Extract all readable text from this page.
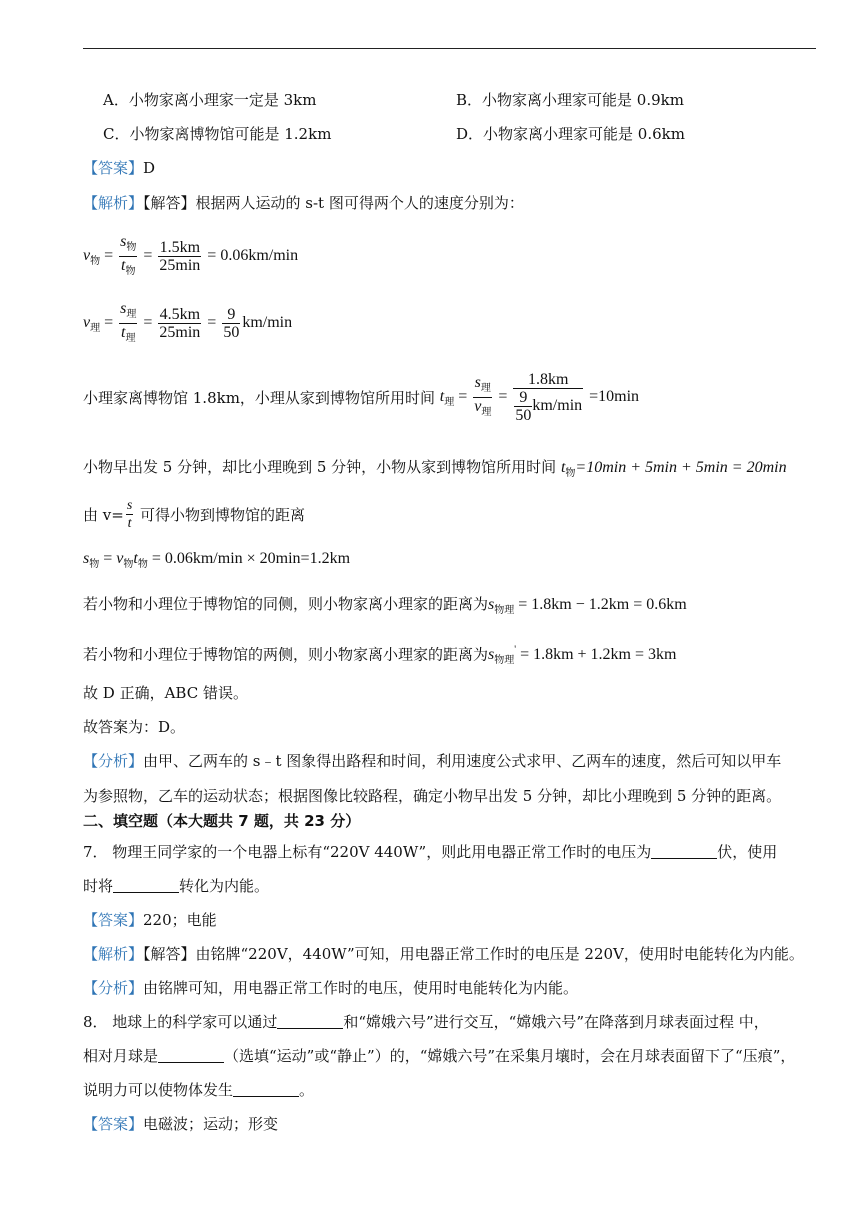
A．小物家离小理家一定是 3km	B．小物家离小理家可能是 0.9km
C．小物家离博物馆可能是 1.2km	D．小物家离小理家可能是 0.6km
【答案】D
【解析】【解答】根据两人运动的 s-t 图可得两个人的速度分别为：
$v_物 = \frac{s_物}{t_物} = \frac{1.5km}{25\min} = 0.06km/\min$
$v_理 = \frac{s_理}{t_理} = \frac{4.5km}{25\min} = \frac{9}{50} km/\min$
小理家离博物馆 1.8km，小理从家到博物馆所用时间 $t_理 = \frac{s_理}{v_理} = \frac{1.8km}{\frac{9}{50} km/\min} =10\min$
小物早出发 5 分钟，却比小理晚到 5 分钟，小物从家到博物馆所用时间 $t_物=10\min + 5\min + 5\min = 20\min$
由 $v= \frac{s}{t}$ 可得小物到博物馆的距离
$s_物 = v_物t_物 = 0.06km/\min \times 20\min=1.2km$
若小物和小理位于博物馆的同侧，则小物家离小理家的距离为$s_{物理} = 1.8km - 1.2km = 0.6km$
若小物和小理位于博物馆的两侧，则小物家离小理家的距离为$s_{物理}' = 1.8km + 1.2km = 3km$
故 D 正确，ABC 错误。
故答案为：D。
【分析】由甲、乙两车的 s﹣t 图象得出路程和时间，利用速度公式求甲、乙两车的速度，然后可知以甲车
为参照物，乙车的运动状态；根据图像比较路程，确定小物早出发 5 分钟，却比小理晚到 5 分钟的距离。
二、填空题（本大题共 7 题，共 23 分）
7． 物理王同学家的一个电器上标有“220V 440W”，则此用电器正常工作时的电压为	伏，使用
时将	转化为内能。
【答案】220；电能
【解析】【解答】由铭牌“220V，440W”可知，用电器正常工作时的电压是 220V，使用时电能转化为内能。
【分析】由铭牌可知，用电器正常工作时的电压，使用时电能转化为内能。
8． 地球上的科学家可以通过	和“嫦娥六号”进行交互，“嫦娥六号”在降落到月球表面过程 中，
相对月球是	（选填“运动”或“静止”）的，“嫦娥六号”在采集月壤时，会在月球表面留下了“压痕”，
说明力可以使物体发生	。
【答案】电磁波；运动；形变
